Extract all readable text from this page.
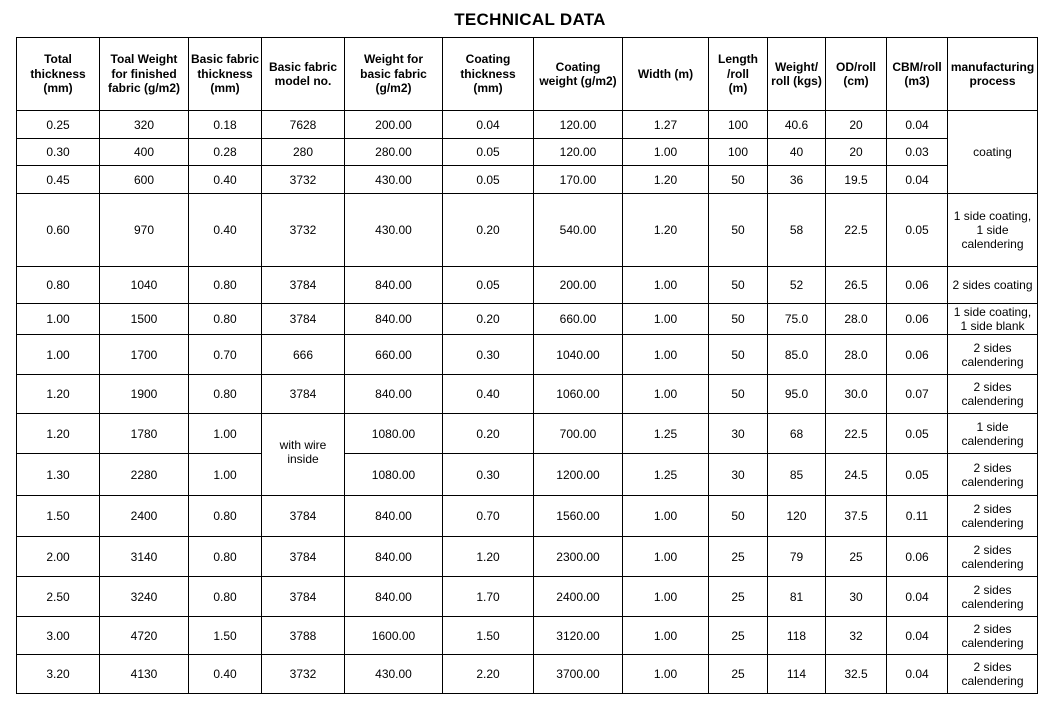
TECHNICAL DATA
Total
thickness
(mm)	Toal Weight
for finished
fabric (g/m2)	Basic fabric
thickness
(mm)	Basic fabric
model no.	Weight for
basic fabric
(g/m2)	Coating
thickness (mm)	Coating
weight (g/m2)	Width (m)	Length
/roll
(m)	Weight/
roll (kgs)	OD/roll
(cm)	CBM/roll
(m3)	manufacturing
process
0.25	320	0.18	7628	200.00	0.04	120.00	1.27	100	40.6	20	0.04	coating
0.30	400	0.28	280	280.00	0.05	120.00	1.00	100	40	20	0.03	
0.45	600	0.40	3732	430.00	0.05	170.00	1.20	50	36	19.5	0.04	
0.60	970	0.40	3732	430.00	0.20	540.00	1.20	50	58	22.5	0.05	1 side coating,
1 side
calendering
0.80	1040	0.80	3784	840.00	0.05	200.00	1.00	50	52	26.5	0.06	2 sides coating
1.00	1500	0.80	3784	840.00	0.20	660.00	1.00	50	75.0	28.0	0.06	1 side coating,
1 side blank
1.00	1700	0.70	666	660.00	0.30	1040.00	1.00	50	85.0	28.0	0.06	2 sides
calendering
1.20	1900	0.80	3784	840.00	0.40	1060.00	1.00	50	95.0	30.0	0.07	2 sides
calendering
1.20	1780	1.00	with wire
inside	1080.00	0.20	700.00	1.25	30	68	22.5	0.05	1 side
calendering
1.30	2280	1.00		1080.00	0.30	1200.00	1.25	30	85	24.5	0.05	2 sides
calendering
1.50	2400	0.80	3784	840.00	0.70	1560.00	1.00	50	120	37.5	0.11	2 sides
calendering
2.00	3140	0.80	3784	840.00	1.20	2300.00	1.00	25	79	25	0.06	2 sides
calendering
2.50	3240	0.80	3784	840.00	1.70	2400.00	1.00	25	81	30	0.04	2 sides
calendering
3.00	4720	1.50	3788	1600.00	1.50	3120.00	1.00	25	118	32	0.04	2 sides
calendering
3.20	4130	0.40	3732	430.00	2.20	3700.00	1.00	25	114	32.5	0.04	2 sides
calendering
